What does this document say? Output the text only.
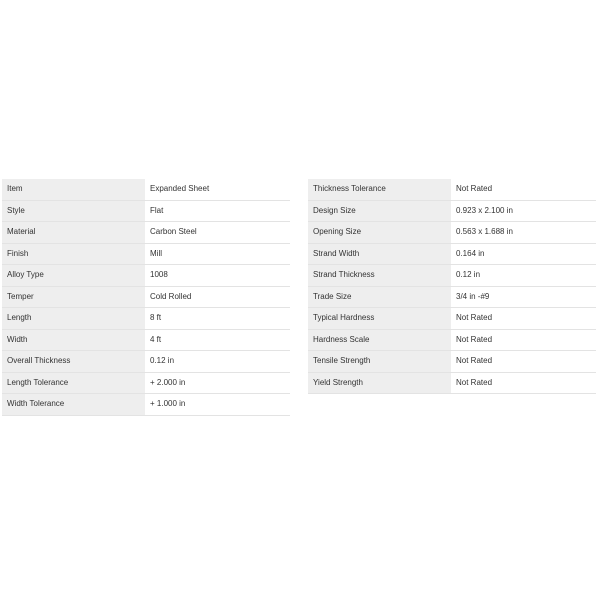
Item	Expanded Sheet
Style	Flat
Material	Carbon Steel
Finish	Mill
Alloy Type	1008
Temper	Cold Rolled
Length	8 ft
Width	4 ft
Overall Thickness	0.12 in
Length Tolerance	+ 2.000 in
Width Tolerance	+ 1.000 in
Thickness Tolerance	Not Rated
Design Size	0.923 x 2.100 in
Opening Size	0.563 x 1.688 in
Strand Width	0.164 in
Strand Thickness	0.12 in
Trade Size	3/4 in -#9
Typical Hardness	Not Rated
Hardness Scale	Not Rated
Tensile Strength	Not Rated
Yield Strength	Not Rated
